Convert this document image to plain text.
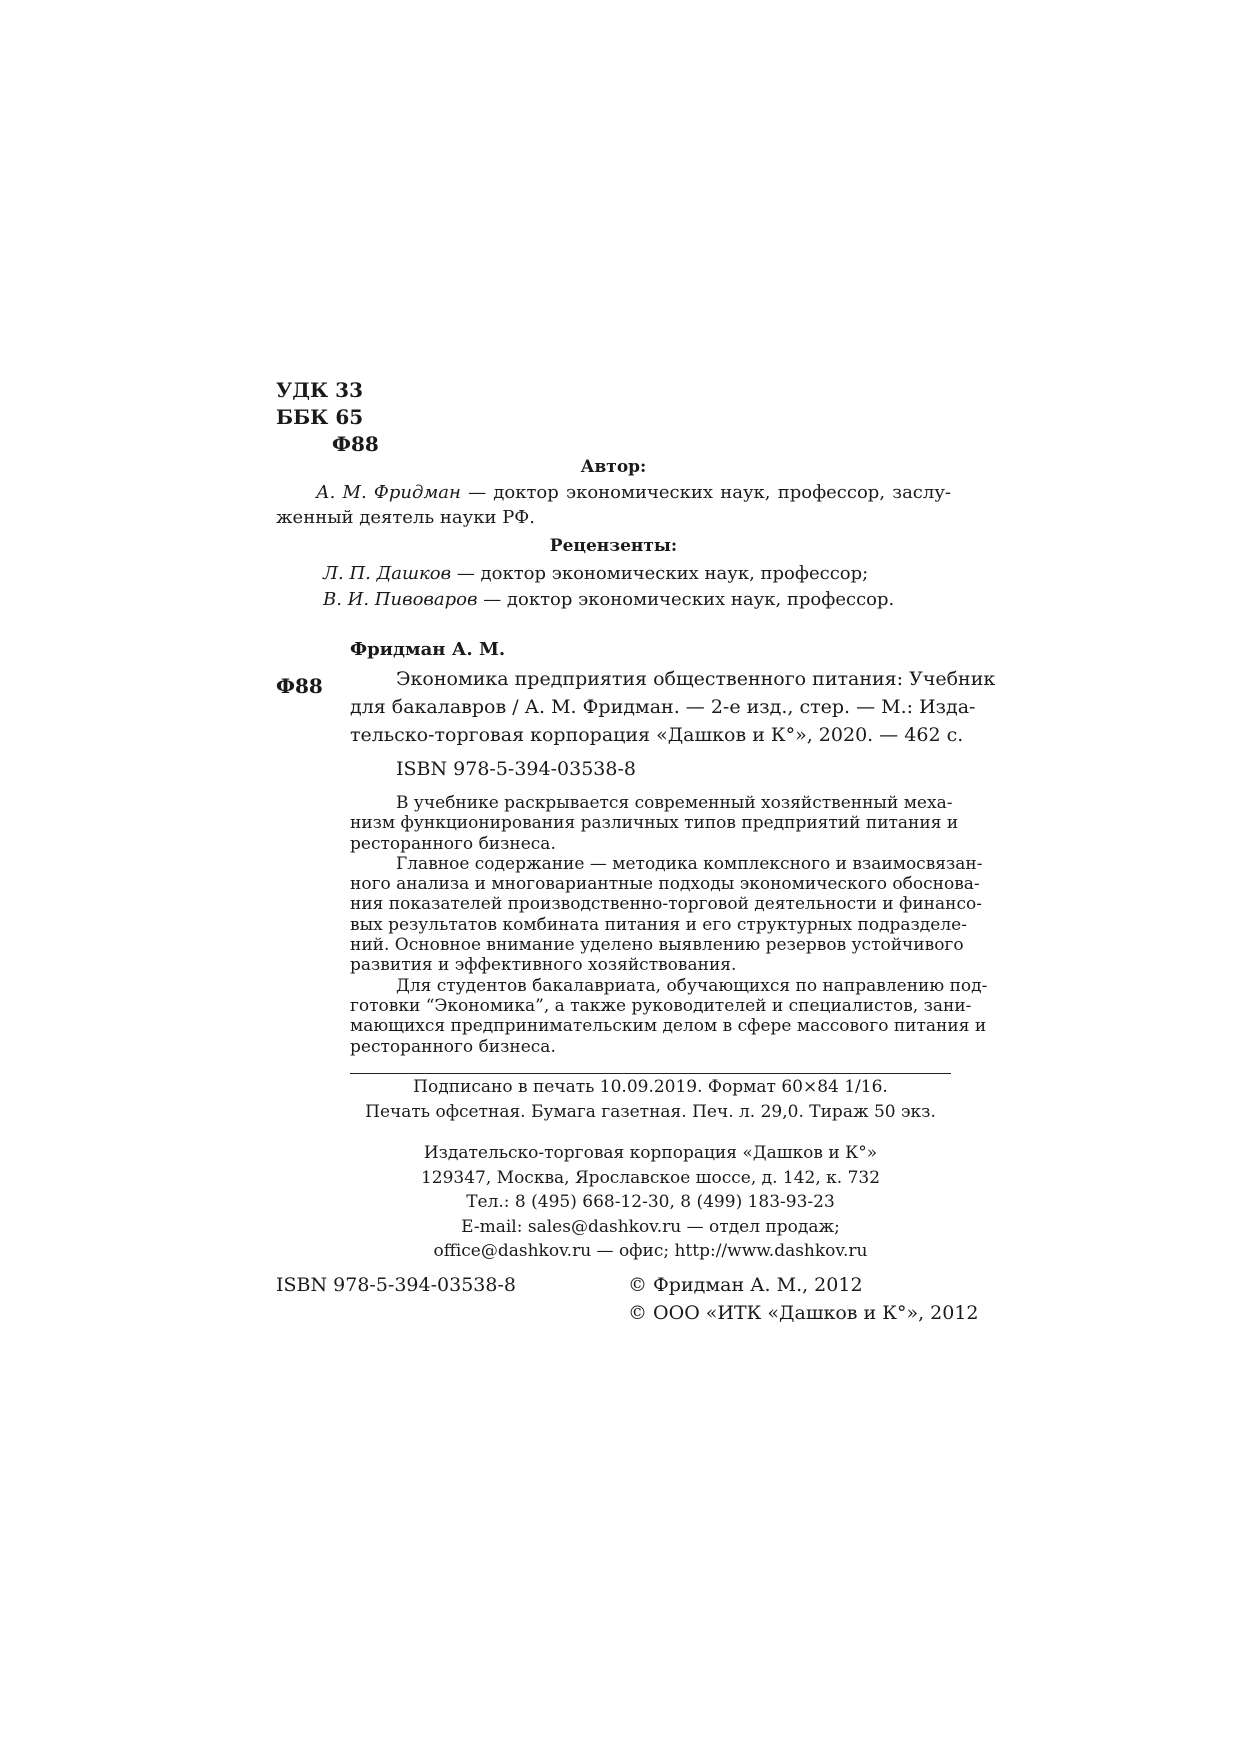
УДК 33
ББК 65
Ф88
Автор:
А. М. Фридман — доктор экономических наук, профессор, заслу-
женный деятель науки РФ.
Рецензенты:
Л. П. Дашков — доктор экономических наук, профессор;
В. И. Пивоваров — доктор экономических наук, профессор.
Фридман А. М.
Ф88	Экономика предприятия общественного питания: Учебник
для бакалавров / А. М. Фридман. — 2-е изд., стер. — М.: Изда-
тельско-торговая корпорация «Дашков и К°», 2020. — 462 с.
ISBN 978-5-394-03538-8
В учебнике раскрывается современный хозяйственный меха-
низм функционирования различных типов предприятий питания и
ресторанного бизнеса.
Главное содержание — методика комплексного и взаимосвязан-
ного анализа и многовариантные подходы экономического обоснова-
ния показателей производственно-торговой деятельности и финансо-
вых результатов комбината питания и его структурных подразделе-
ний. Основное внимание уделено выявлению резервов устойчивого
развития и эффективного хозяйствования.
Для студентов бакалавриата, обучающихся по направлению под-
готовки “Экономика”, а также руководителей и специалистов, зани-
мающихся предпринимательским делом в сфере массового питания и
ресторанного бизнеса.
Подписано в печать 10.09.2019. Формат 60×84 1/16.
Печать офсетная. Бумага газетная. Печ. л. 29,0. Тираж 50 экз.
Издательско-торговая корпорация «Дашков и К°»
129347, Москва, Ярославское шоссе, д. 142, к. 732
Тел.: 8 (495) 668-12-30, 8 (499) 183-93-23
E-mail: sales@dashkov.ru — отдел продаж;
office@dashkov.ru — офис; http://www.dashkov.ru
ISBN 978-5-394-03538-8	© Фридман А. М., 2012
© ООО «ИТК «Дашков и К°», 2012
